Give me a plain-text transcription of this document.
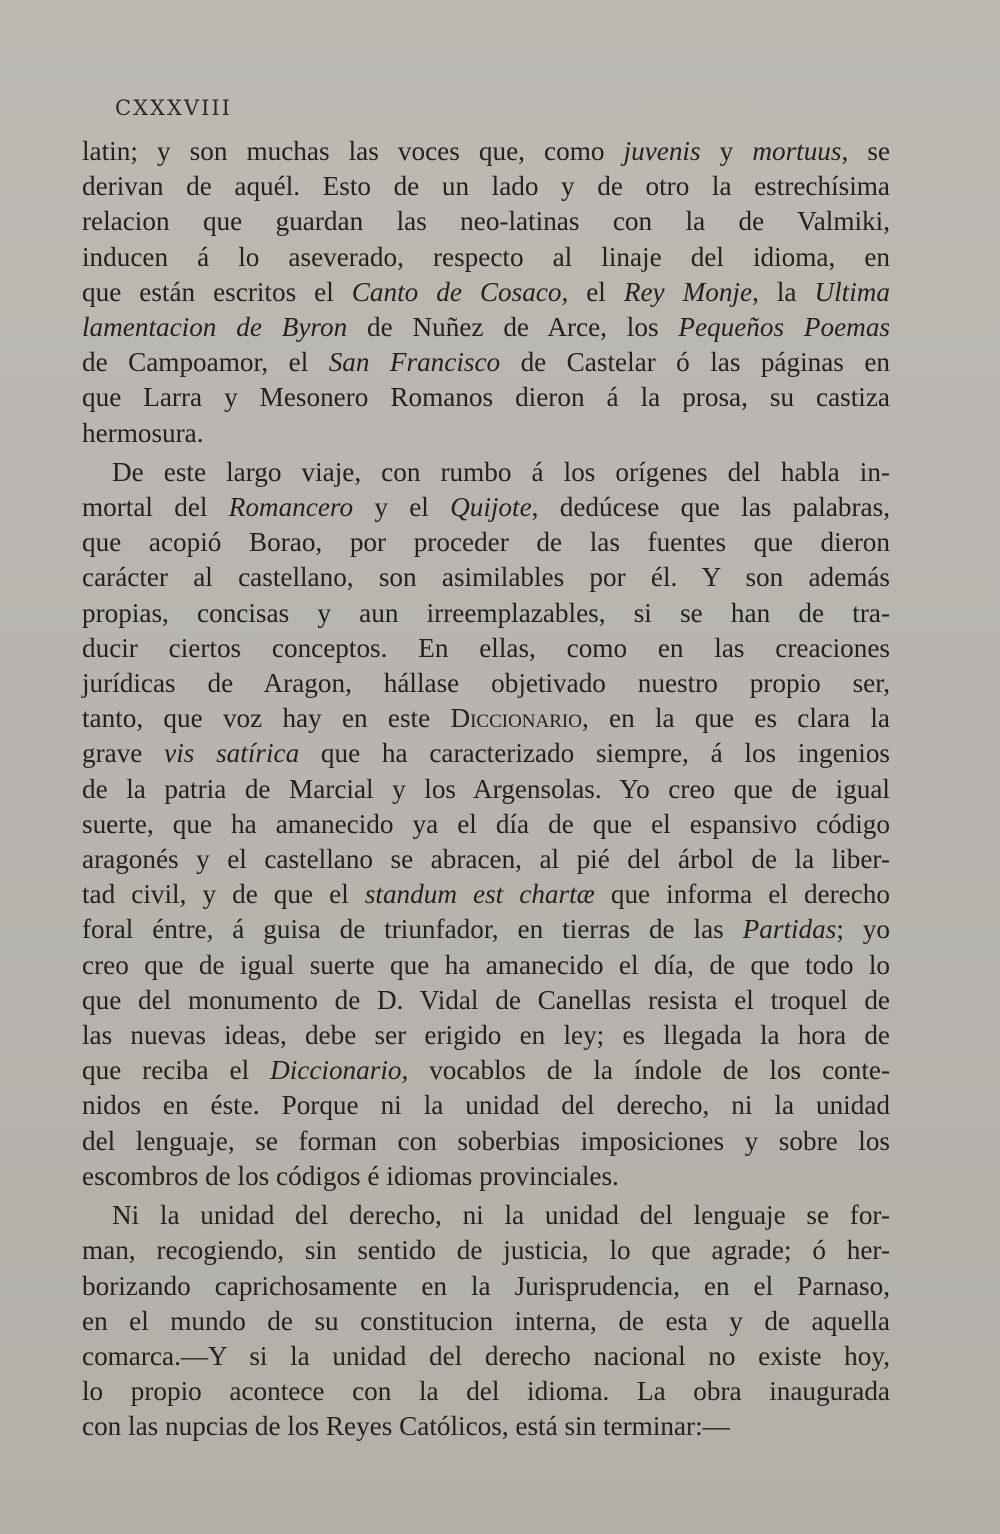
CXXXVIII
latin; y son muchas las voces que, como juvenis y mortuus, se
derivan de aquél. Esto de un lado y de otro la estrechísima
relacion que guardan las neo-latinas con la de Valmiki,
inducen á lo aseverado, respecto al linaje del idioma, en
que están escritos el Canto de Cosaco, el Rey Monje, la Ultima
lamentacion de Byron de Nuñez de Arce, los Pequeños Poemas
de Campoamor, el San Francisco de Castelar ó las páginas en
que Larra y Mesonero Romanos dieron á la prosa, su castiza
hermosura.
De este largo viaje, con rumbo á los orígenes del habla in-
mortal del Romancero y el Quijote, dedúcese que las palabras,
que acopió Borao, por proceder de las fuentes que dieron
carácter al castellano, son asimilables por él. Y son además
propias, concisas y aun irreemplazables, si se han de tra-
ducir ciertos conceptos. En ellas, como en las creaciones
jurídicas de Aragon, hállase objetivado nuestro propio ser,
tanto, que voz hay en este Diccionario, en la que es clara la
grave vis satírica que ha caracterizado siempre, á los ingenios
de la patria de Marcial y los Argensolas. Yo creo que de igual
suerte, que ha amanecido ya el día de que el espansivo código
aragonés y el castellano se abracen, al pié del árbol de la liber-
tad civil, y de que el standum est chartæ que informa el derecho
foral éntre, á guisa de triunfador, en tierras de las Partidas; yo
creo que de igual suerte que ha amanecido el día, de que todo lo
que del monumento de D. Vidal de Canellas resista el troquel de
las nuevas ideas, debe ser erigido en ley; es llegada la hora de
que reciba el Diccionario, vocablos de la índole de los conte-
nidos en éste. Porque ni la unidad del derecho, ni la unidad
del lenguaje, se forman con soberbias imposiciones y sobre los
escombros de los códigos é idiomas provinciales.
Ni la unidad del derecho, ni la unidad del lenguaje se for-
man, recogiendo, sin sentido de justicia, lo que agrade; ó her-
borizando caprichosamente en la Jurisprudencia, en el Parnaso,
en el mundo de su constitucion interna, de esta y de aquella
comarca.—Y si la unidad del derecho nacional no existe hoy,
lo propio acontece con la del idioma. La obra inaugurada
con las nupcias de los Reyes Católicos, está sin terminar:—
